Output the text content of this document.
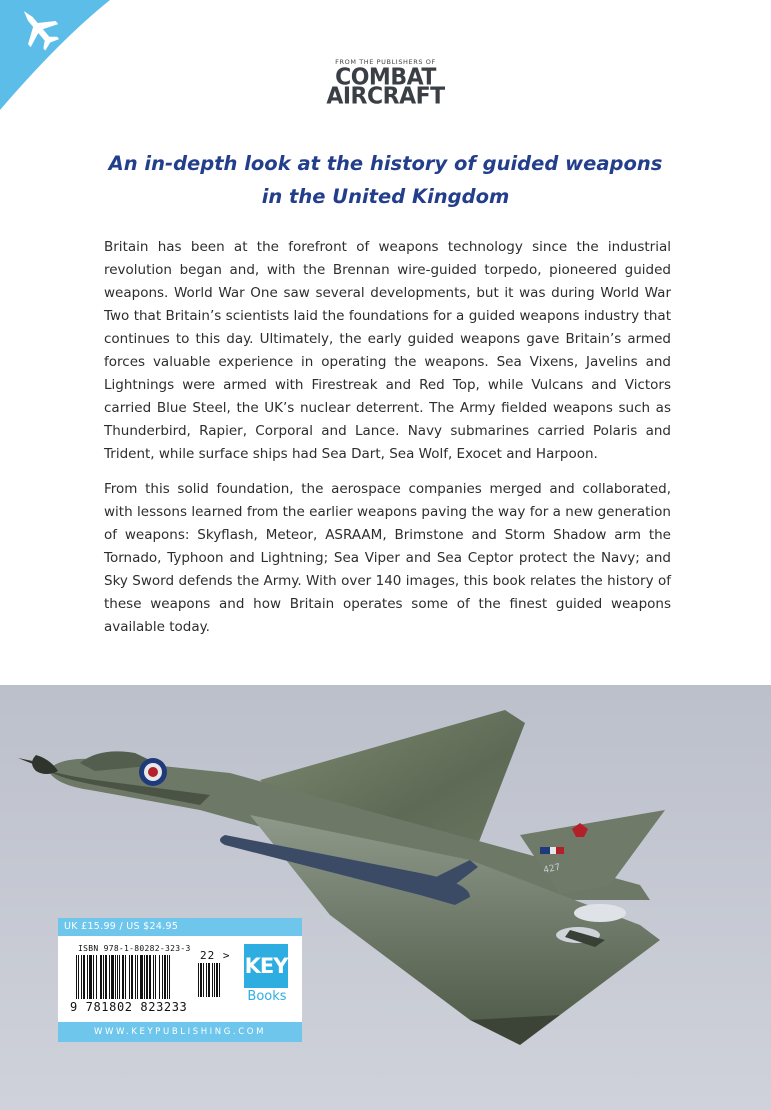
FROM THE PUBLISHERS OF
COMBAT
AIRCRAFT
An in-depth look at the history of guided weapons
in the United Kingdom

Britain has been at the forefront of weapons technology since the industrial revolution began and, with the Brennan wire-guided torpedo, pioneered guided weapons. World War One saw several developments, but it was during World War Two that Britain’s scientists laid the foundations for a guided weapons industry that continues to this day. Ultimately, the early guided weapons gave Britain’s armed forces valuable experience in operating the weapons. Sea Vixens, Javelins and Lightnings were armed with Firestreak and Red Top, while Vulcans and Victors carried Blue Steel, the UK’s nuclear deterrent. The Army fielded weapons such as Thunderbird, Rapier, Corporal and Lance. Navy submarines carried Polaris and Trident, while surface ships had Sea Dart, Sea Wolf, Exocet and Harpoon.

From this solid foundation, the aerospace companies merged and collaborated, with lessons learned from the earlier weapons paving the way for a new generation of weapons: Skyflash, Meteor, ASRAAM, Brimstone and Storm Shadow arm the Tornado, Typhoon and Lightning; Sea Viper and Sea Ceptor protect the Navy; and Sky Sword defends the Army. With over 140 images, this book relates the history of these weapons and how Britain operates some of the finest guided weapons available today.

427
UK £15.99 / US $24.95
ISBN 978-1-80282-323-3
9 781802 823233
22 > KEY
Books
WWW.KEYPUBLISHING.COM
